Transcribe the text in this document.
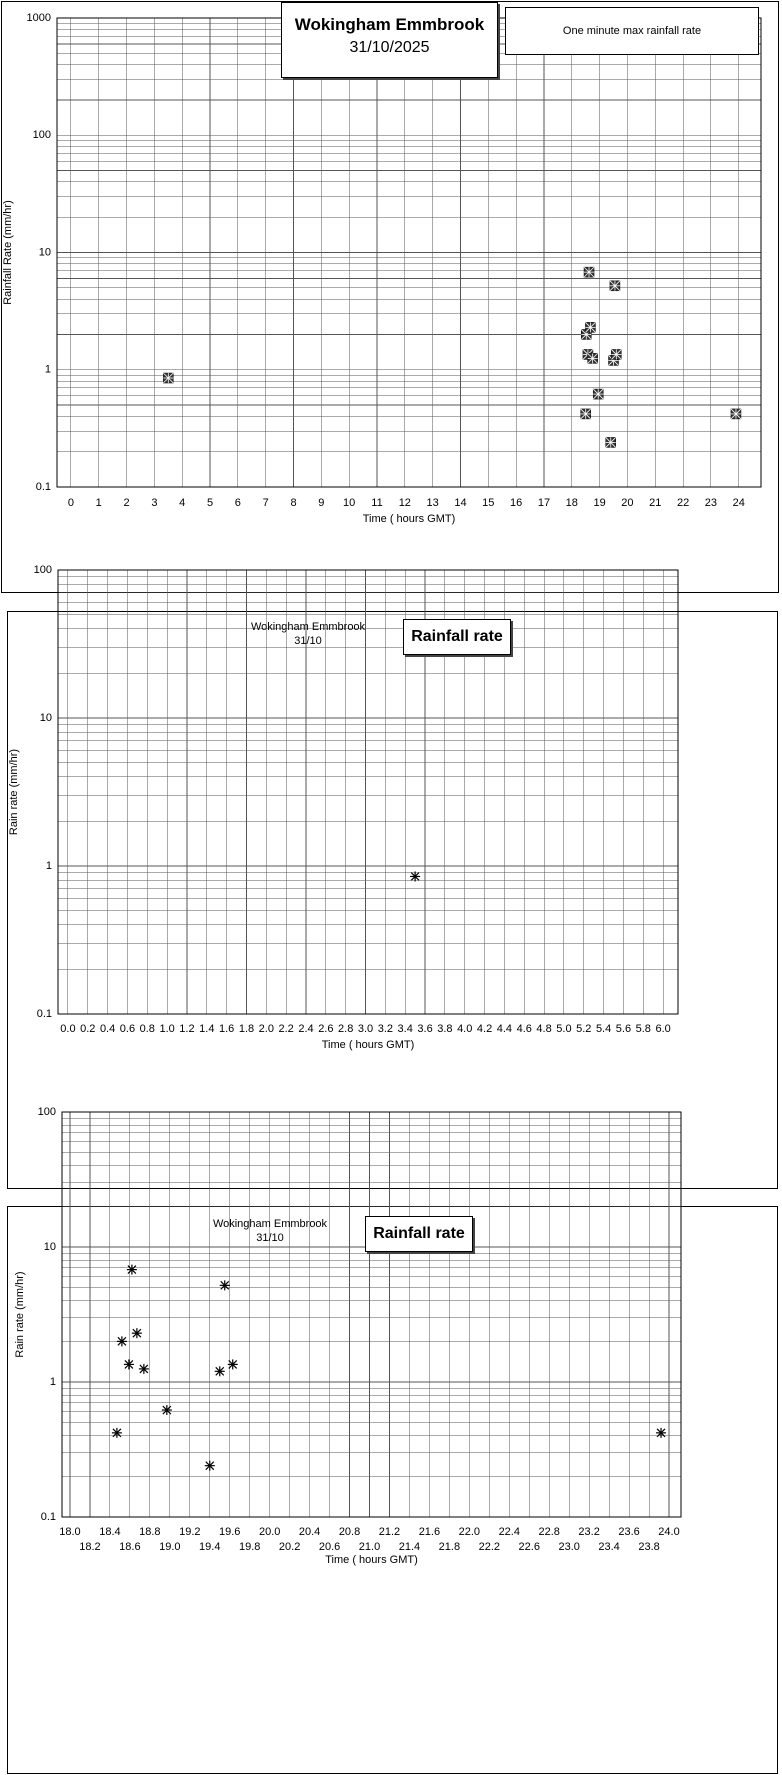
0 1 2 3 4 5 6 7 8 9 10 11 12 13 14 15 16 17 18 19 20 21 22 23 24
0.1
1
10
100
1000
Time ( hours GMT)
Rainfall Rate (mm/hr)
Wokingham Emmbrook
31/10/2025
One minute max rainfall rate
0.0 0.2 0.4 0.6 0.8 1.0 1.2 1.4 1.6 1.8 2.0 2.2 2.4 2.6 2.8 3.0 3.2 3.4 3.6 3.8 4.0 4.2 4.4 4.6 4.8 5.0 5.2 5.4 5.6 5.8 6.0
0.1
1
10
100
Time ( hours GMT)
Rain rate (mm/hr)
Wokingham Emmbrook
31/10	Rainfall rate
18.0 18.4 18.8 19.2 19.6 20.0 20.4 20.8 21.2 21.6 22.0 22.4 22.8 23.2 23.6 24.0
18.2 18.6 19.0 19.4 19.8 20.2 20.6 21.0 21.4 21.8 22.2 22.6 23.0 23.4 23.8
0.1
1
10
100
Time ( hours GMT)
Rain rate (mm/hr)
Wokingham Emmbrook
31/10	Rainfall rate
